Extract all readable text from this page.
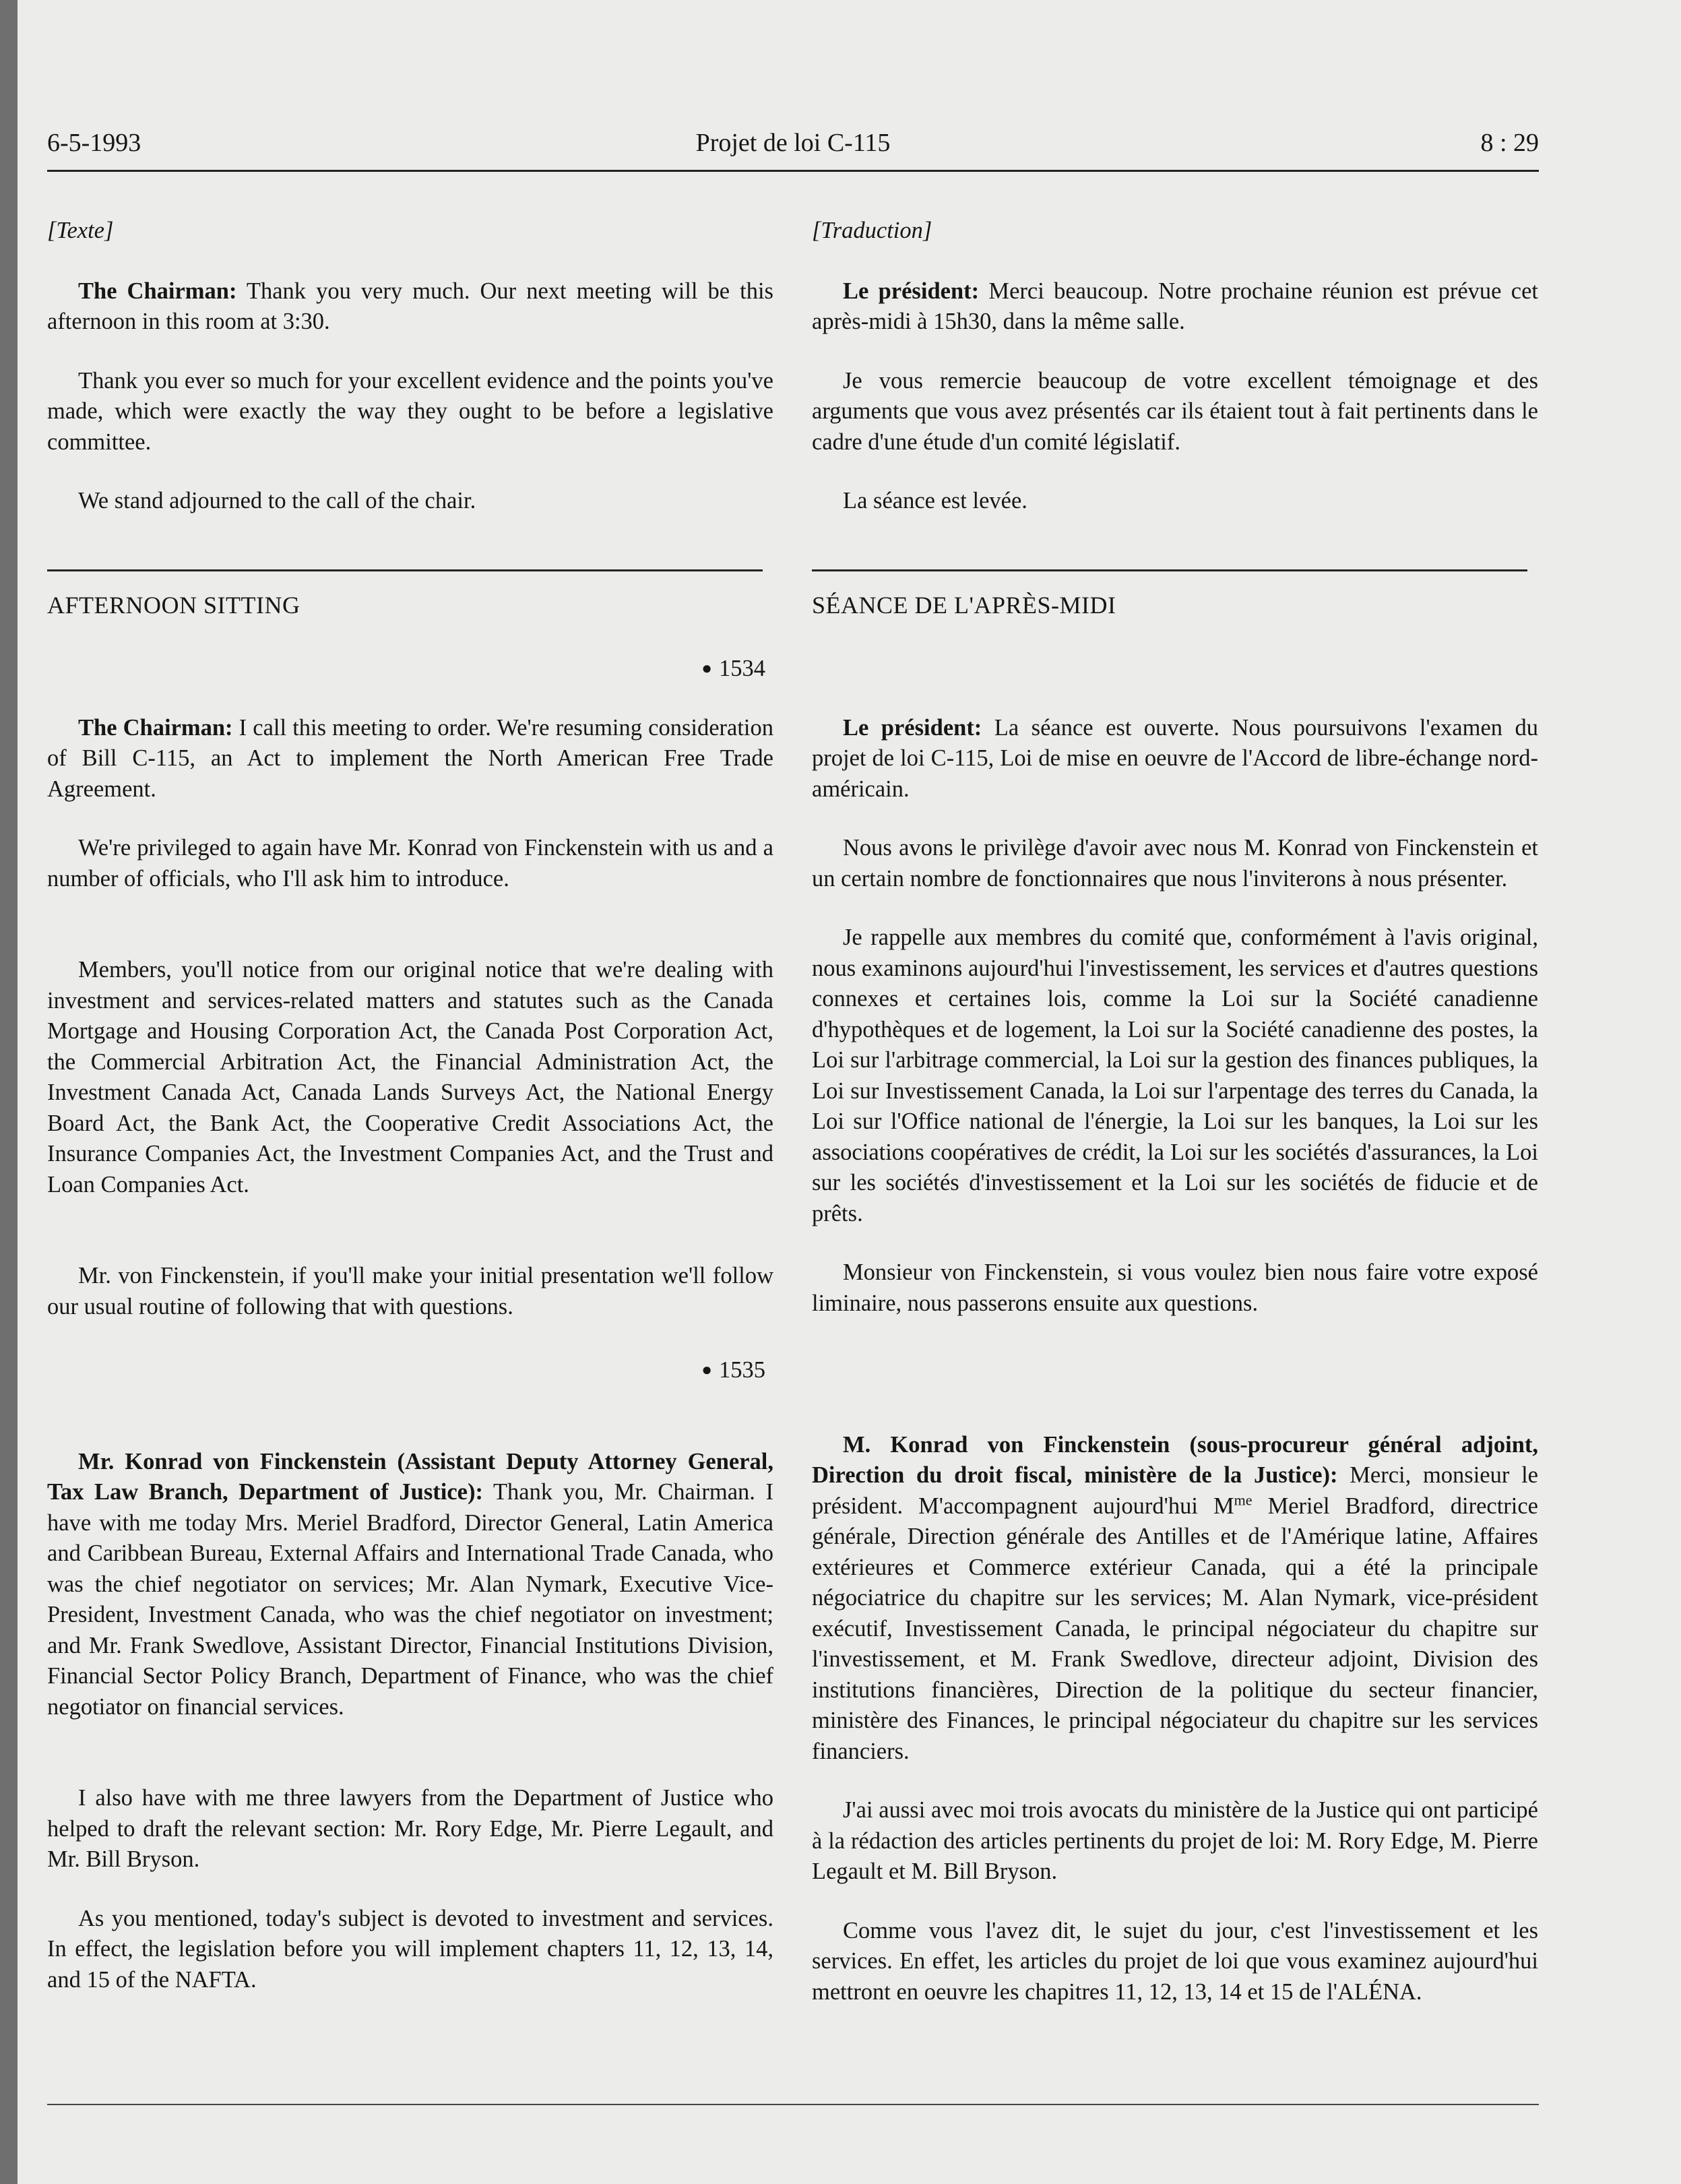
6-5-1993	Projet de loi C-115	8 : 29

[Texte]

The Chairman: Thank you very much. Our next meeting will be this afternoon in this room at 3:30.

Thank you ever so much for your excellent evidence and the points you've made, which were exactly the way they ought to be before a legislative committee.

We stand adjourned to the call of the chair.

AFTERNOON SITTING

● 1534

The Chairman: I call this meeting to order. We're resuming consideration of Bill C-115, an Act to implement the North American Free Trade Agreement.

We're privileged to again have Mr. Konrad von Finckenstein with us and a number of officials, who I'll ask him to introduce.

Members, you'll notice from our original notice that we're dealing with investment and services-related matters and statutes such as the Canada Mortgage and Housing Corporation Act, the Canada Post Corporation Act, the Commercial Arbitration Act, the Financial Administration Act, the Investment Canada Act, Canada Lands Surveys Act, the National Energy Board Act, the Bank Act, the Cooperative Credit Associations Act, the Insurance Companies Act, the Investment Companies Act, and the Trust and Loan Companies Act.

Mr. von Finckenstein, if you'll make your initial presentation we'll follow our usual routine of following that with questions.

● 1535

Mr. Konrad von Finckenstein (Assistant Deputy Attorney General, Tax Law Branch, Department of Justice): Thank you, Mr. Chairman. I have with me today Mrs. Meriel Bradford, Director General, Latin America and Caribbean Bureau, External Affairs and International Trade Canada, who was the chief negotiator on services; Mr. Alan Nymark, Executive Vice-President, Investment Canada, who was the chief negotiator on investment; and Mr. Frank Swedlove, Assistant Director, Financial Institutions Division, Financial Sector Policy Branch, Department of Finance, who was the chief negotiator on financial services.

I also have with me three lawyers from the Department of Justice who helped to draft the relevant section: Mr. Rory Edge, Mr. Pierre Legault, and Mr. Bill Bryson.

As you mentioned, today's subject is devoted to investment and services. In effect, the legislation before you will implement chapters 11, 12, 13, 14, and 15 of the NAFTA.

[Traduction]

Le président: Merci beaucoup. Notre prochaine réunion est prévue cet après-midi à 15h30, dans la même salle.

Je vous remercie beaucoup de votre excellent témoignage et des arguments que vous avez présentés car ils étaient tout à fait pertinents dans le cadre d'une étude d'un comité législatif.

La séance est levée.

SÉANCE DE L'APRÈS-MIDI

Le président: La séance est ouverte. Nous poursuivons l'examen du projet de loi C-115, Loi de mise en oeuvre de l'Accord de libre-échange nord-américain.

Nous avons le privilège d'avoir avec nous M. Konrad von Finckenstein et un certain nombre de fonctionnaires que nous l'inviterons à nous présenter.

Je rappelle aux membres du comité que, conformément à l'avis original, nous examinons aujourd'hui l'investissement, les services et d'autres questions connexes et certaines lois, comme la Loi sur la Société canadienne d'hypothèques et de logement, la Loi sur la Société canadienne des postes, la Loi sur l'arbitrage commercial, la Loi sur la gestion des finances publiques, la Loi sur Investissement Canada, la Loi sur l'arpentage des terres du Canada, la Loi sur l'Office national de l'énergie, la Loi sur les banques, la Loi sur les associations coopératives de crédit, la Loi sur les sociétés d'assurances, la Loi sur les sociétés d'investissement et la Loi sur les sociétés de fiducie et de prêts.

Monsieur von Finckenstein, si vous voulez bien nous faire votre exposé liminaire, nous passerons ensuite aux questions.

M. Konrad von Finckenstein (sous-procureur général adjoint, Direction du droit fiscal, ministère de la Justice): Merci, monsieur le président. M'accompagnent aujourd'hui $M^{me}$ Meriel Bradford, directrice générale, Direction générale des Antilles et de l'Amérique latine, Affaires extérieures et Commerce extérieur Canada, qui a été la principale négociatrice du chapitre sur les services; M. Alan Nymark, vice-président exécutif, Investissement Canada, le principal négociateur du chapitre sur l'investissement, et M. Frank Swedlove, directeur adjoint, Division des institutions financières, Direction de la politique du secteur financier, ministère des Finances, le principal négociateur du chapitre sur les services financiers.

J'ai aussi avec moi trois avocats du ministère de la Justice qui ont participé à la rédaction des articles pertinents du projet de loi: M. Rory Edge, M. Pierre Legault et M. Bill Bryson.

Comme vous l'avez dit, le sujet du jour, c'est l'investissement et les services. En effet, les articles du projet de loi que vous examinez aujourd'hui mettront en oeuvre les chapitres 11, 12, 13, 14 et 15 de l'ALÉNA.
